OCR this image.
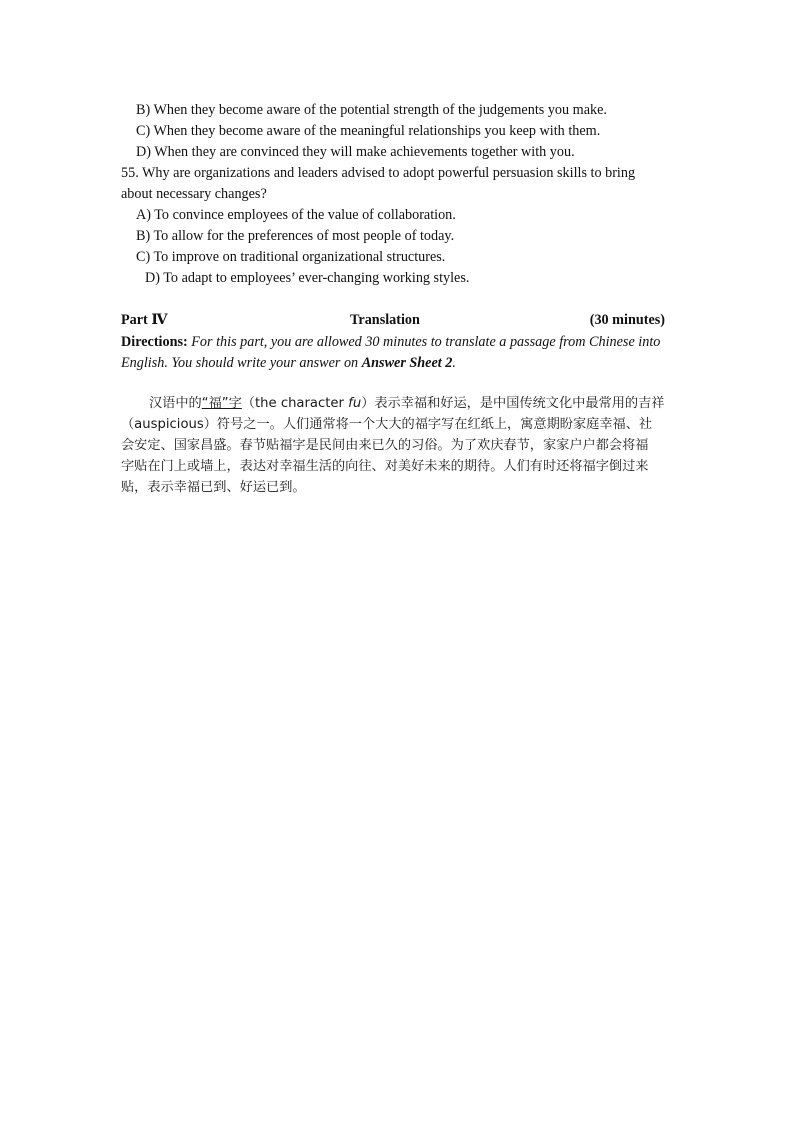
B) When they become aware of the potential strength of the judgements you make.
C) When they become aware of the meaningful relationships you keep with them.
D) When they are convinced they will make achievements together with you.
55. Why are organizations and leaders advised to adopt powerful persuasion skills to bring
about necessary changes?
A) To convince employees of the value of collaboration.
B) To allow for the preferences of most people of today.
C) To improve on traditional organizational structures.
D) To adapt to employees’ ever-changing working styles.
Part Ⅳ	Translation	(30 minutes)
Directions: For this part, you are allowed 30 minutes to translate a passage from Chinese into English. You should write your answer on Answer Sheet 2.
汉语中的“福”字（the character fu）表示幸福和好运，是中国传统文化中最常用的吉祥
（auspicious）符号之一。人们通常将一个大大的福字写在红纸上，寓意期盼家庭幸福、社
会安定、国家昌盛。春节贴福字是民间由来已久的习俗。为了欢庆春节，家家户户都会将福
字贴在门上或墙上，表达对幸福生活的向往、对美好未来的期待。人们有时还将福字倒过来
贴，表示幸福已到、好运已到。
